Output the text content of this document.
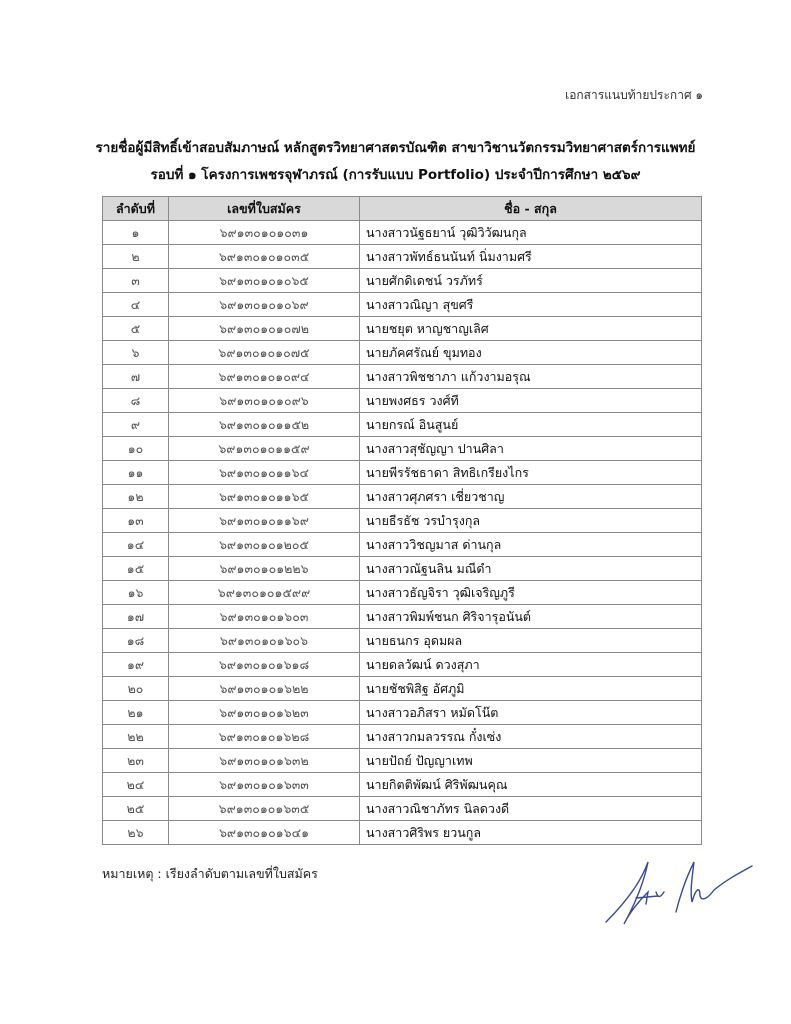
เอกสารแนบท้ายประกาศ ๑
รายชื่อผู้มีสิทธิ์เข้าสอบสัมภาษณ์ หลักสูตรวิทยาศาสตรบัณฑิต สาขาวิชานวัตกรรมวิทยาศาสตร์การแพทย์
รอบที่ ๑ โครงการเพชรจุฬาภรณ์ (การรับแบบ Portfolio) ประจำปีการศึกษา ๒๕๖๙
ลำดับที่	เลขที่ใบสมัคร	ชื่อ - สกุล
๑	๖๙๑๓๐๑๐๑๐๓๑	นางสาวนัฐธยาน์ วุฒิวิวัฒนกุล
๒	๖๙๑๓๐๑๐๑๐๓๕	นางสาวพัทธ์ธนนันท์ นิ่มงามศรี
๓	๖๙๑๓๐๑๐๑๐๖๕	นายศักดิเดชน์ วรภัทร์
๔	๖๙๑๓๐๑๐๑๐๖๙	นางสาวณิญา สุขศรี
๕	๖๙๑๓๐๑๐๑๐๗๒	นายชยุต หาญชาญเลิศ
๖	๖๙๑๓๐๑๐๑๐๗๕	นายภัคศรัณย์ ขุมทอง
๗	๖๙๑๓๐๑๐๑๐๙๔	นางสาวพิชชาภา แก้วงามอรุณ
๘	๖๙๑๓๐๑๐๑๐๙๖	นายพงศธร วงศ์ที
๙	๖๙๑๓๐๑๐๑๑๕๒	นายกรณ์ อินสูนย์
๑๐	๖๙๑๓๐๑๐๑๑๕๙	นางสาวสุชัญญา ปานศิลา
๑๑	๖๙๑๓๐๑๐๑๑๖๔	นายพีรรัชธาดา สิทธิเกรียงไกร
๑๒	๖๙๑๓๐๑๐๑๑๖๕	นางสาวศุภศรา เชี่ยวชาญ
๑๓	๖๙๑๓๐๑๐๑๑๖๙	นายธีรธัช วรบำรุงกุล
๑๔	๖๙๑๓๐๑๐๑๒๐๕	นางสาววิชญมาส ด่านกุล
๑๕	๖๙๑๓๐๑๐๑๒๒๖	นางสาวณัฐนลิน มณีดำ
๑๖	๖๙๑๓๐๑๐๑๕๙๙	นางสาวธัญจิรา วุฒิเจริญภูรี
๑๗	๖๙๑๓๐๑๐๑๖๐๓	นางสาวพิมพ์ชนก ศิริจารุอนันต์
๑๘	๖๙๑๓๐๑๐๑๖๐๖	นายธนกร อุดมผล
๑๙	๖๙๑๓๐๑๐๑๖๑๘	นายดลวัฒน์ ดวงสุภา
๒๐	๖๙๑๓๐๑๐๑๖๒๒	นายชัชพิสิฐ อัศภูมิ
๒๑	๖๙๑๓๐๑๐๑๖๒๓	นางสาวอภิสรา หมัดโน๊ต
๒๒	๖๙๑๓๐๑๐๑๖๒๘	นางสาวกมลวรรณ กั๋งเซ่ง
๒๓	๖๙๑๓๐๑๐๑๖๓๒	นายปัถย์ ปัญญาเทพ
๒๔	๖๙๑๓๐๑๐๑๖๓๓	นายกิตติพัฒน์ ศิริพัฒนคุณ
๒๕	๖๙๑๓๐๑๐๑๖๓๕	นางสาวณิชาภัทร นิลดวงดี
๒๖	๖๙๑๓๐๑๐๑๖๔๑	นางสาวศิริพร ยวนกูล
หมายเหตุ : เรียงลำดับตามเลขที่ใบสมัคร
